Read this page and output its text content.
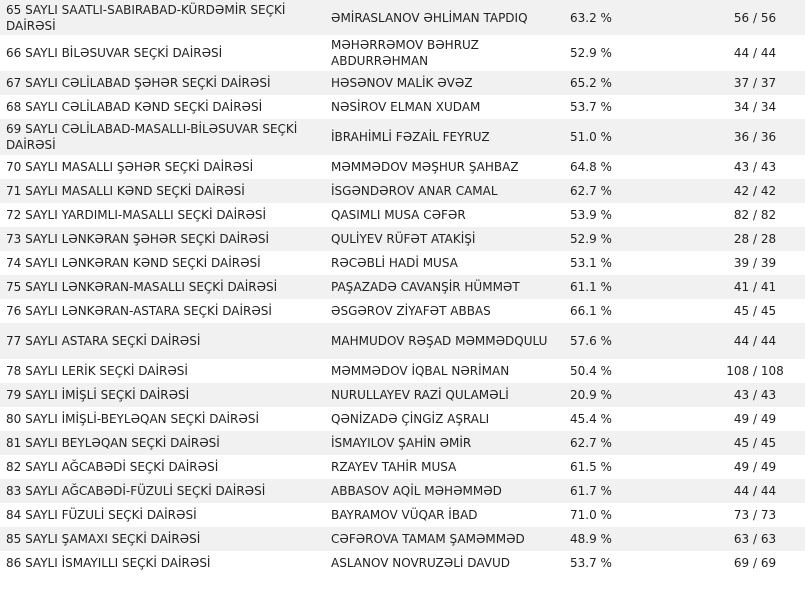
65 SAYLI SAATLI-SABIRABAD-KÜRDƏMİR SEÇKİ DAİRƏSİ	ƏMİRASLANOV ƏHLİMAN TAPDIQ	63.2 %	56 / 56
66 SAYLI BİLƏSUVAR SEÇKİ DAİRƏSİ	MƏHƏRRƏMOV BƏHRUZ ABDURRƏHMAN	52.9 %	44 / 44
67 SAYLI CƏLİLABAD ŞƏHƏR SEÇKİ DAİRƏSİ	HƏSƏNOV MALİK ƏVƏZ	65.2 %	37 / 37
68 SAYLI CƏLİLABAD KƏND SEÇKİ DAİRƏSİ	NƏSİROV ELMAN XUDAM	53.7 %	34 / 34
69 SAYLI CƏLİLABAD-MASALLI-BİLƏSUVAR SEÇKİ DAİRƏSİ	İBRAHİMLİ FƏZAİL FEYRUZ	51.0 %	36 / 36
70 SAYLI MASALLI ŞƏHƏR SEÇKİ DAİRƏSİ	MƏMMƏDOV MƏŞHUR ŞAHBAZ	64.8 %	43 / 43
71 SAYLI MASALLI KƏND SEÇKİ DAİRƏSİ	İSGƏNDƏROV ANAR CAMAL	62.7 %	42 / 42
72 SAYLI YARDIMLI-MASALLI SEÇKİ DAİRƏSİ	QASIMLI MUSA CƏFƏR	53.9 %	82 / 82
73 SAYLI LƏNKƏRAN ŞƏHƏR SEÇKİ DAİRƏSİ	QULİYEV RÜFƏT ATAKİŞİ	52.9 %	28 / 28
74 SAYLI LƏNKƏRAN KƏND SEÇKİ DAİRƏSİ	RƏCƏBLİ HADİ MUSA	53.1 %	39 / 39
75 SAYLI LƏNKƏRAN-MASALLI SEÇKİ DAİRƏSİ	PAŞAZADƏ CAVANŞİR HÜMMƏT	61.1 %	41 / 41
76 SAYLI LƏNKƏRAN-ASTARA SEÇKİ DAİRƏSİ	ƏSGƏROV ZİYAFƏT ABBAS	66.1 %	45 / 45
77 SAYLI ASTARA SEÇKİ DAİRƏSİ	MAHMUDOV RƏŞAD MƏMMƏDQULU	57.6 %	44 / 44
78 SAYLI LERİK SEÇKİ DAİRƏSİ	MƏMMƏDOV İQBAL NƏRİMAN	50.4 %	108 / 108
79 SAYLI İMİŞLİ SEÇKİ DAİRƏSİ	NURULLAYEV RAZİ QULAMƏLİ	20.9 %	43 / 43
80 SAYLI İMİŞLİ-BEYLƏQAN SEÇKİ DAİRƏSİ	QƏNİZADƏ ÇİNGİZ AŞRALI	45.4 %	49 / 49
81 SAYLI BEYLƏQAN SEÇKİ DAİRƏSİ	İSMAYILOV ŞAHİN ƏMİR	62.7 %	45 / 45
82 SAYLI AĞCABƏDİ SEÇKİ DAİRƏSİ	RZAYEV TAHİR MUSA	61.5 %	49 / 49
83 SAYLI AĞCABƏDİ-FÜZULİ SEÇKİ DAİRƏSİ	ABBASOV AQİL MƏHƏMMƏD	61.7 %	44 / 44
84 SAYLI FÜZULİ SEÇKİ DAİRƏSİ	BAYRAMOV VÜQAR İBAD	71.0 %	73 / 73
85 SAYLI ŞAMAXI SEÇKİ DAİRƏSİ	CƏFƏROVA TAMAM ŞAMƏMMƏD	48.9 %	63 / 63
86 SAYLI İSMAYILLI SEÇKİ DAİRƏSİ	ASLANOV NOVRUZƏLİ DAVUD	53.7 %	69 / 69
